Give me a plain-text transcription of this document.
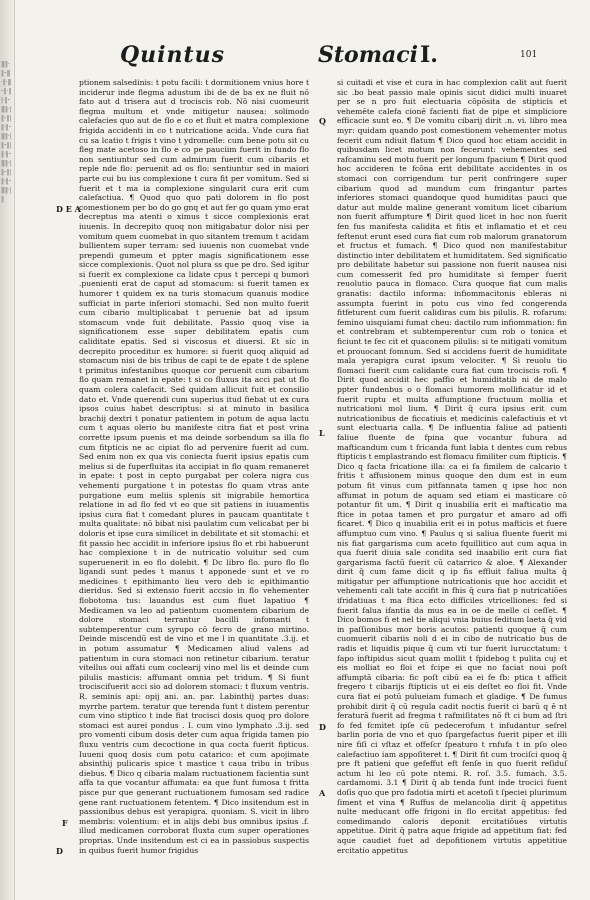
||| ‖ · ‖ ·· ||| · ‖ · ||| ·· ‖ · ||| · ‖ ·· ||| ‖ · ||| ·· ‖ ||| · ‖ ·· ||| ‖ · ||| ·· ‖ ||| · ‖ ·· ||| ‖ · ||| ·· ‖ ||| · ‖ ·· ||| ‖ · |||
Quintus	Stomaci I.	101
D E A
F
D
Q
L
D
A

ptionem salsedinis: t potu facili: t dormitionem vnius hore t inciderur inde flegma adustum ibi de de ba ex ne fluit nō fato aut d trisera aut d trociscis rob. Nō nisi cuomeurit flegma multum et vnde mitigetur nausea: solimodo calefacies quo aut de flo e co et fluit et matra complexione frigida accidenti in co t nutricatione acida. Vnde cura fiat cu sa lcatio t frigis t vino t ydromelle: cum bene potu sit cu fleg mate acetoso in flo e co pe pauciim fuerit in fundo flo non sentiuntur sed cum admirum fuerit cum cibariis et reple nde flo: peruenit ad os flo: sentiuntur sed in maiori parte cui bu ius complexione t cura fit per vomitum. Sed si fuerit et t ma ia complexione singularit cura erit cum calefactiua. ¶ Quod quo quo pati dolorem in flo post comestionem per bo do go gnq et aut fer go quam ymo erat decreptus ma atenti o ximus t sicce complexionis erat iuuenis. In decrepito quoq non mitigabatur dolor nisi per vomitum quem cuomebat in quo sitantem tremum t acidam bullientem super terram: sed iuuenis non cuomebat vnde prependi gumeum et ppter magis significationem esse sicce complexionis. Quot nol plura ss que pe dro. Sed igitur si fuerit ex complexione ca lidate cpus t percepi q bumori .puenienti erat de caput ad stomacum: si fuerit tamen ex humorer t quidem ex na turis stomacum quanuis modice sufficiat in parte inferiori stomachi. Sed non multo fuerit cum cibario multiplicabat t peruenie bat ad ipsum stomacum vnde fuit debilitate. Passio quoq vise ia significationem esse super debilitatem epatis cum caliditate epatis. Sed si viscosus et diuersi. Et sic in decrepito proceditur ex humore: si fuerit quoq aliquid ad stomacum nisi de bis tribus de capi te de epate t de splene t primitus infestanibus quoque cor peruenit cum cibarium flo quam remanet in epate: t si co fluxus ita acci pat ut flo quam colera calefacit. Sed quidam allicuit fuit et consilio dato et. Vnde querendi cum superius itud fiebat ut ex cura ipsos cuius habet descriptus: si at minuto in basilica brachij dextri t ponatur patientem in potum de aqua lactu cum t aquas olerio bu manifeste citra fiat et post vrina corrette ipsum puenis et ma deinde sorbendum sa illa flo cum fitpticis ne ac cipiat flo ad pervenire fuerit ad cum. Sed enim non ex qua vis coniecta fuerit ipsius epatis cum melius si de fuperfluitas ita accipiat in flo quam remaneret in epate: t post in cepto purgabat per colera nigra cus vehementi purgatione t in potestas flo quam vtras ante purgatione eum meliis splenis sit inigrabile hemortica relatione in ad flo fed vt eo que sit patiens in iuuamentis ipsius cura fiat t comedant plures in paucam quantitate t multa qualitate: nō bibat nisi paulatim cum velicabat per bi doloris et ipse cura similicet in debilitate et sit stomachi: et fit passio hec accidit in inferiore ipsius flo et rbi habuerunt hac complexione t in de nutricatio voluitur sed cum superuenerit in eo flo dolebit. ¶ Dc libro flo. puro flo flo ligandi sunt pedes t manus t apponede sunt et ve ro medicines t epithimanto lieu vero deb ic epithimantio dieridus. Sed si extensio fuerit accsio in flo vehementer flobotoma tus: lauandus est cum fluet lapatiuo ¶ Medicamen va leo ad patientum cuomentem cibarium de dolore stomaci terrantur bacilli infomanti t subtemperentur cum syrupo cō fecro de grano mirtino. Deinde miscendū est de vino et me l in quantitate .3.ij. et in potum assumatur ¶ Medicamen aliud valens ad patientum in cura stomaci non retinetur cibarium. teratur vitellus oui affati cum coclearij vino mel lis et deinde cum pilulis masticis: affumant omnia pet tridum. ¶ Si fiunt trociscifuerit acci sio ad dolorem stomaci: t fluxum ventris. R. seminis api: opij ani. an. par. Labinthij partes duas: myrrhe partem. teratur que terenda funt t distem perentur cum vino stiptico t inde fiat trocisci dosis quoq pro dolore stomaci est aurei pondus . I. cum vino lymphato .3.ij. sed pro vomenti cibum dosis deter cum aqua frigida tamen pio fluxu ventris cum decoctione in qua cocta fuerit fipticus. Iuueni quoq dosis cum potu catarico: et cum apojimate absinthij pulicaris spice t mastice t caua tribu in tribus diebus. ¶ Dico q cibaria malam ructuationem facientia sunt affa ta que vocantur affumata: ea que funt fumosa t fritta pisce pur que generant ructuationem fumosam sed radice gene rant ructuationem fetentem. ¶ Dico insitendum est in passionibus debus est yerapigra. quoniam. S. vicit in libro membris: volentium: et in alijs debi bus omnibus ipsius .f. illud medicamen corroborat fluxta cum super operationes proprias. Unde insitendum est ci ea in passiobus suspectis in quibus fuerit humor frigidus

si cuitadi et vise et cura in hac complexion calit aut fuerit sic .bo beat passio male opinis sicut didici multi inuaret per se n pro fuit electuaria cōpōsita de stipticis et vehemēte calefa cionē facienti fiat de pipe et simpliciore efficacie sunt eo. ¶ De vomitu cibarij dirit .n. vi. libro mea myr: quidam quando post comestionem vehementer motus fecerit cum ndiuit flatum ¶ Dico quod hoc etiam accidit in quibusdam licet motum non fecerunt: vehementes sed rafcaminu sed motu fuerit per longum fpacium ¶ Dirit quod hoc accideren te fcōna erit debilitate accidentes in os stomaci con corrigendum tur perit confringere super cibarium quod ad mundum cum fringantur partes inferiores stomaci quandoque quod humiditas pauci que datur aut mulde maline generant vomitum licet cibarium non fuerit affumpture ¶ Dirit quod licet in hoc non fuerit fen fus manifesta calidita et fitis et inflamatio et et ceu feftenut erunt esed cura fiat cum rob malorum granatorum et fructus et fumach. ¶ Dico quod non manifestabitur distinctio inter debilitatem et humiditatem. Sed significatio pro debilitate habetur sui passione non fuerit nausea nisi cum comesserit fed pro humiditate si femper fuerit reuolutio pauca in flomaco. Cura quoque fiat cum malis granatis: dactilo informa: infiommacitonis ebleras ni assumpta fuerint in potu cus vino fed congerenda fitfeturent cum fuerit calidiras cum bis pilulis. R. rofarum: femino uisquiami fumat cheu: dactilo rum infiommation: fin et contrebram et subtemperentur cum rob o tonica et ficiunt te fec cit et quaconem pilulis: si te mitigati vomitum et prouocant fomnum. Sed si accidens fuerit de humiditate mala yerapigra curat ipsum velociter. ¶ Si reuolu tio flomaci fuerit cum calidante cura fiat cum trociscis roſi. ¶ Dirit quod accidit hec paffio et humiditatib ni de malo ppter fundenbus o o flomaci humorem mollificatur id et fuerit ruptu et multa affumptione fructuum mollia et nutricationi mol lium. ¶ Dirit q̄ cura ipsius erit cum nutricationibus de ficcatiuis et medicinis calefactiuis et vt sunt electuaria calla. ¶ De influentia faliue ad patienti faliue fluente de fpina que vocantur fubura ad mafticandum cum t fricanda funt labia t dentes cum rebus ftipticis t emplastrando est flomacu fimiliter cum ftipticis. ¶ Dico q facta fricatione illa: ca ei fa fimilem de calcario t fritis t affusionem minus quoque den dum est in eum potum fit vinus cum pitfannata tamen q ipse hoc non affumat in potum de aquam sed etiam ei masticare cō potantur fit um. ¶ Dirit q inuabilia erit ei mafticatio ma ftice in potaa tamen et pro purgatur et amaro ad offi ficaret. ¶ Dico q inuabilia erit ei in potus mafticis et fuere affumptuo cum vino. ¶ Paulus q si saliua fluente fuerit mi nis fiat gargarisma cum aceto fquillitico aut cum aqua in qua fuerit diuia sale condita sed inaabilio erit cura fiat gargarisma factū fuerit cū catarrico & aloe. ¶ Alexander dirit q̄ cum fame dicit q ip fis effluit faliua multa q̄ mitigatur per affumptione nutricationis que hoc accidit et vehementi cali tate accifit in fhis q̄ cura fiat p nutricatiōes ifridatiuas t ma ftica ecto difficiles vtricelliones: fed si fuerit falua ifantia da mus ea in oe de melle ci ceſſet. ¶ Dico bomos fi et nel tie aliqui vnia buius feditum laeta q̄ vid in paſſionibus mor boris acutos: patienti quoque q̄ cum cuomuerit cibariis noli d ei in cibo de nutricatio bus de radis et liquidis pique q̄ cum vti tur fuerit lurucctatum: t fapo inftipidus sicut quam mollit t fpidebog t pulita cuj et eis molliat eo floi et fcipe ei que no faciat noui poſt affumptā cibaria: fic poſt cibū ea ei fe fb: ptica t afficit fregero t cibarijs ftipticis ut ei eis deſtet eo floi fit. Vnde cura fiat ei potū pulueiam fumach et gladige. ¶ De fumus prohibit dirit q̄ cū regula cadit noctis fuerit ci barū q ē nt feraturā fuerit ad fregma t rafmiſitates nō ft ci bum ad ſtri fo fed fcmitet ipſe cū pedecerofum t infudantur seſrel barlin poria de vno et quo ſpargefactus fuerit piper et illi nire fiſi ci vſtaz et offeſcr ſpeaturo t rnfufa t in pſo oleo calefactiuo iam appoſiteret t. ¶ Dirit fit cum trociſci quoq q̄ pre ft patieni que gefeffut eft fenſe in quo fuerit reſiduſ actum hi leo cū pote ntemi. R. roſ. 3.5. fumach. 3.5. cardamomi. 3.1 ¶ Dirit q̄ ab tenda funt inde trocici fuent doſis quo que pro fadotia mirti et acetoſi t ſpeciei plurimum ſiment et vina ¶ Ruffus de melancolia dirit q̄ appetitus nulte meducant offe frigoni in flo ercitat appetitus: fed comedimando caloris deponit ercitatiōues virtutis appetitue. Dirit q̄ patra aque frigide ad appetitum fiat: fed aque caudiet fuet ad depofitionem virtutis appetitiue ercitatio appetitus
